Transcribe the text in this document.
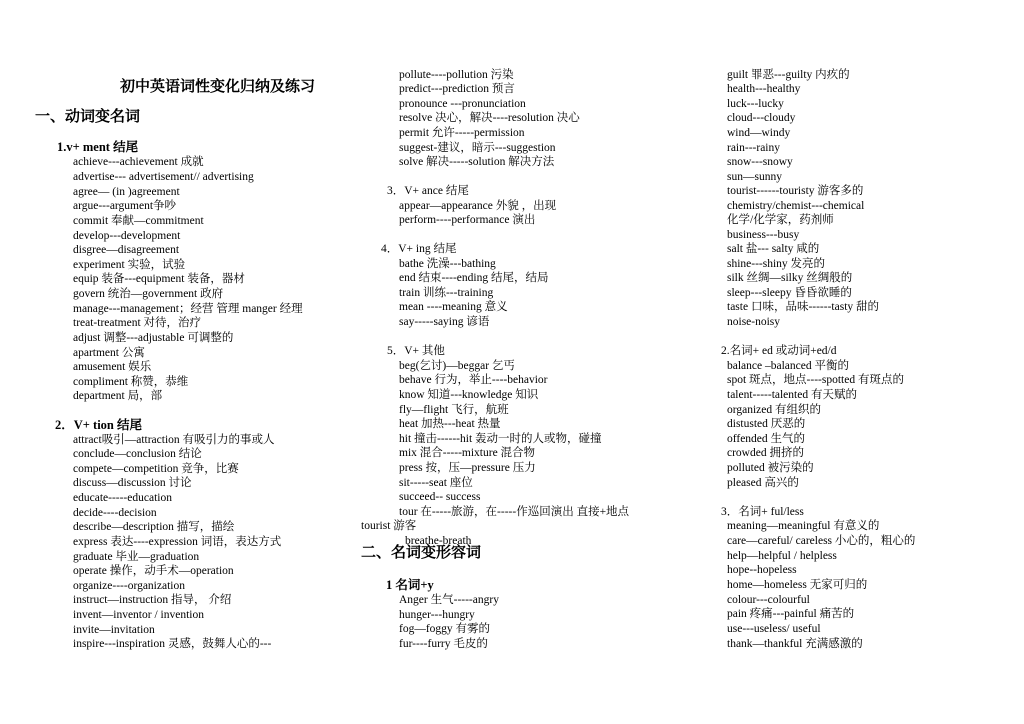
初中英语词性变化归纳及练习
一、动词变名词
1.v+ ment 结尾
achieve---achievement 成就
advertise--- advertisement// advertising
agree— (in )agreement
argue---argument争吵
commit 奉献—commitment
develop---development
disgree—disagreement
experiment 实验，试验
equip 装备---equipment 装备，器材
govern 统治—government 政府
manage---management；经营 管理 manger 经理
treat-treatment 对待，治疗
adjust 调整---adjustable 可调整的
apartment 公寓
amusement 娱乐
compliment 称赞，恭维
department 局，部
2．V+ tion 结尾
attract吸引—attraction 有吸引力的事或人
conclude—conclusion 结论
compete—competition 竞争，比赛
discuss—discussion 讨论
educate-----education
decide----decision
describe—description 描写，描绘
express 表达----expression 词语，表达方式
graduate 毕业—graduation
operate 操作，动手术—operation
organize----organization
instruct—instruction 指导， 介绍
invent—inventor / invention
invite—invitation
inspire---inspiration 灵感，鼓舞人心的---
pollute----pollution 污染
predict---prediction 预言
pronounce ---pronunciation
resolve 决心，解决----resolution 决心
permit 允许-----permission
suggest-建议，暗示---suggestion
solve 解决-----solution 解决方法
3．V+ ance 结尾
appear—appearance 外貌 ，出现
perform----performance 演出
4．V+ ing 结尾
bathe 洗澡---bathing
end 结束----ending 结尾，结局
train 训练---training
mean ----meaning 意义
say-----saying 谚语
5．V+ 其他
beg(乞讨)—beggar 乞丐
behave 行为，举止----behavior
know 知道---knowledge 知识
fly—flight 飞行，航班
heat 加热---heat 热量
hit 撞击------hit 轰动一时的人或物，碰撞
mix 混合-----mixture 混合物
press 按，压—pressure 压力
sit-----seat 座位
succeed-- success
tour 在-----旅游，在-----作巡回演出 直接+地点
tourist 游客
breathe-breath
二、名词变形容词
1 名词+y
Anger 生气-----angry
hunger---hungry
fog—foggy 有雾的
fur----furry 毛皮的
guilt 罪恶---guilty 内疚的
health---healthy
luck---lucky
cloud---cloudy
wind—windy
rain---rainy
snow---snowy
sun—sunny
tourist------touristy 游客多的
chemistry/chemist---chemical
化学/化学家，药剂师
business---busy
salt 盐--- salty 咸的
shine---shiny 发亮的
silk 丝绸—silky 丝绸般的
sleep---sleepy 昏昏欲睡的
taste 口味，品味------tasty 甜的
noise-noisy
2.名词+ ed 或动词+ed/d
balance –balanced 平衡的
spot 斑点，地点----spotted 有斑点的
talent-----talented 有天赋的
organized 有组织的
distusted 厌恶的
offended 生气的
crowded 拥挤的
polluted 被污染的
pleased 高兴的
3．名词+ ful/less
meaning—meaningful 有意义的
care—careful/ careless 小心的，粗心的
help—helpful / helpless
hope--hopeless
home—homeless 无家可归的
colour---colourful
pain 疼痛---painful 痛苦的
use---useless/ useful
thank—thankful 充满感激的
